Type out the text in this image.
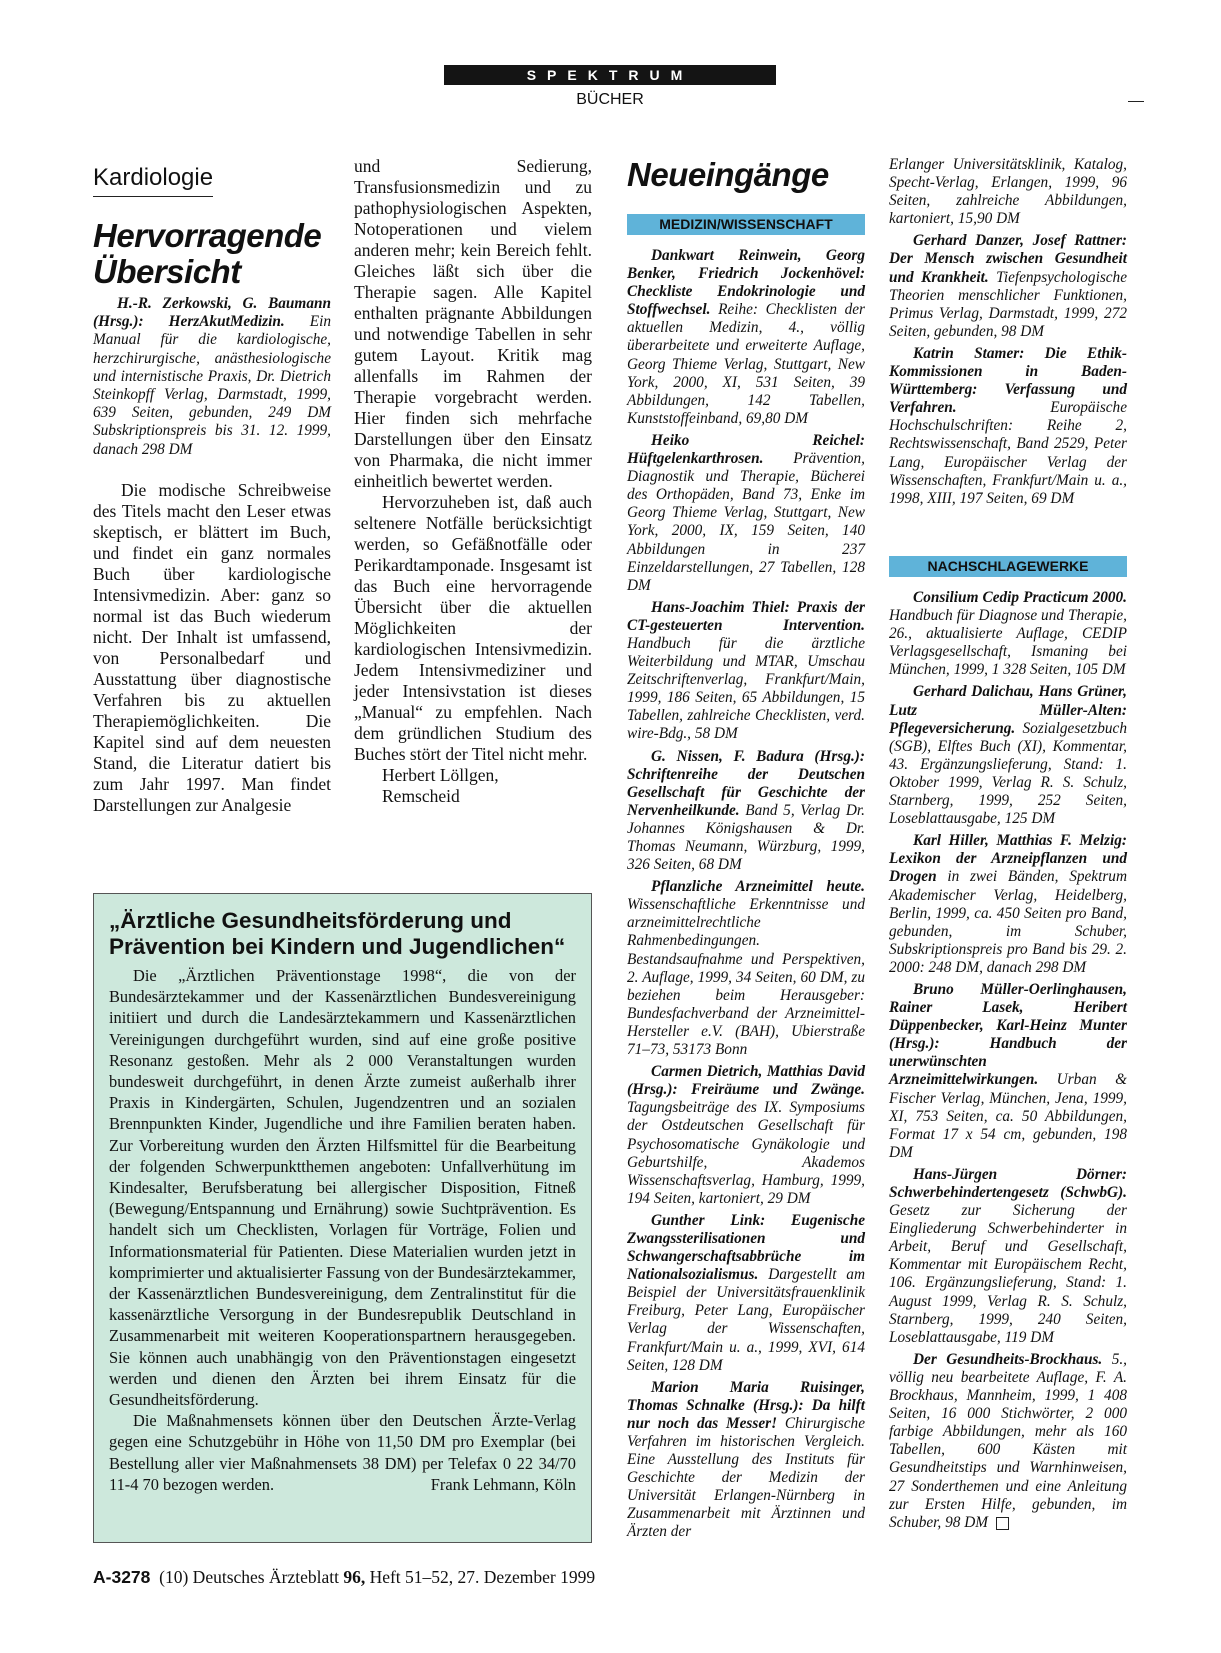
SPEKTRUM
BÜCHER
Kardiologie
Hervorragende Übersicht
H.-R. Zerkowski, G. Baumann (Hrsg.): HerzAkutMedizin. Ein Manual für die kardiologische, herzchirurgische, anästhesiologische und internistische Praxis, Dr. Dietrich Steinkopff Verlag, Darmstadt, 1999, 639 Seiten, gebunden, 249 DM Subskriptionspreis bis 31. 12. 1999, danach 298 DM

Die modische Schreibweise des Titels macht den Leser etwas skeptisch, er blättert im Buch, und findet ein ganz normales Buch über kardiologische Intensivmedizin. Aber: ganz so normal ist das Buch wiederum nicht. Der Inhalt ist umfassend, von Personalbedarf und Ausstattung über diagnostische Verfahren bis zu aktuellen Therapiemöglichkeiten. Die Kapitel sind auf dem neuesten Stand, die Literatur datiert bis zum Jahr 1997. Man findet Darstellungen zur Analgesie

und Sedierung, Transfusionsmedizin und zu pathophysiologischen Aspekten, Notoperationen und vielem anderen mehr; kein Bereich fehlt. Gleiches läßt sich über die Therapie sagen. Alle Kapitel enthalten prägnante Abbildungen und notwendige Tabellen in sehr gutem Layout. Kritik mag allenfalls im Rahmen der Therapie vorgebracht werden. Hier finden sich mehrfache Darstellungen über den Einsatz von Pharmaka, die nicht immer einheitlich bewertet werden.

Hervorzuheben ist, daß auch seltenere Notfälle berücksichtigt werden, so Gefäßnotfälle oder Perikardtamponade. Insgesamt ist das Buch eine hervorragende Übersicht über die aktuellen Möglichkeiten der kardiologischen Intensivmedizin. Jedem Intensivmediziner und jeder Intensivstation ist dieses „Manual“ zu empfehlen. Nach dem gründlichen Studium des Buches stört der Titel nicht mehr.

Herbert Löllgen,

Remscheid

„Ärztliche Gesundheitsförderung und Prävention bei Kindern und Jugendlichen“

Die „Ärztlichen Präventionstage 1998“, die von der Bundesärztekammer und der Kassenärztlichen Bundesvereinigung initiiert und durch die Landesärztekammern und Kassenärztlichen Vereinigungen durchgeführt wurden, sind auf eine große positive Resonanz gestoßen. Mehr als 2 000 Veranstaltungen wurden bundesweit durchgeführt, in denen Ärzte zumeist außerhalb ihrer Praxis in Kindergärten, Schulen, Jugendzentren und an sozialen Brennpunkten Kinder, Jugendliche und ihre Familien beraten haben. Zur Vorbereitung wurden den Ärzten Hilfsmittel für die Bearbeitung der folgenden Schwerpunktthemen angeboten: Unfallverhütung im Kindesalter, Berufsberatung bei allergischer Disposition, Fitneß (Bewegung/Entspannung und Ernährung) sowie Suchtprävention. Es handelt sich um Checklisten, Vorlagen für Vorträge, Folien und Informationsmaterial für Patienten. Diese Materialien wurden jetzt in komprimierter und aktualisierter Fassung von der Bundesärztekammer, der Kassenärztlichen Bundesvereinigung, dem Zentralinstitut für die kassenärztliche Versorgung in der Bundesrepublik Deutschland in Zusammenarbeit mit weiteren Kooperationspartnern herausgegeben. Sie können auch unabhängig von den Präventionstagen eingesetzt werden und dienen den Ärzten bei ihrem Einsatz für die Gesundheitsförderung.

Die Maßnahmensets können über den Deutschen Ärzte-Verlag gegen eine Schutzgebühr in Höhe von 11,50 DM pro Exemplar (bei Bestellung aller vier Maßnahmensets 38 DM) per Telefax 0 22 34/70 11-4 70 bezogen werden.	Frank Lehmann, Köln

Neueingänge
MEDIZIN/WISSENSCHAFT

Dankwart Reinwein, Georg Benker, Friedrich Jockenhövel: Checkliste Endokrinologie und Stoffwechsel. Reihe: Checklisten der aktuellen Medizin, 4., völlig überarbeitete und erweiterte Auflage, Georg Thieme Verlag, Stuttgart, New York, 2000, XI, 531 Seiten, 39 Abbildungen, 142 Tabellen, Kunststoffeinband, 69,80 DM

Heiko Reichel: Hüftgelenkarthrosen. Prävention, Diagnostik und Therapie, Bücherei des Orthopäden, Band 73, Enke im Georg Thieme Verlag, Stuttgart, New York, 2000, IX, 159 Seiten, 140 Abbildungen in 237 Einzeldarstellungen, 27 Tabellen, 128 DM

Hans-Joachim Thiel: Praxis der CT-gesteuerten Intervention. Handbuch für die ärztliche Weiterbildung und MTAR, Umschau Zeitschriftenverlag, Frankfurt/Main, 1999, 186 Seiten, 65 Abbildungen, 15 Tabellen, zahlreiche Checklisten, verd. wire-Bdg., 58 DM

G. Nissen, F. Badura (Hrsg.): Schriftenreihe der Deutschen Gesellschaft für Geschichte der Nervenheilkunde. Band 5, Verlag Dr. Johannes Königshausen & Dr. Thomas Neumann, Würzburg, 1999, 326 Seiten, 68 DM

Pflanzliche Arzneimittel heute. Wissenschaftliche Erkenntnisse und arzneimittelrechtliche Rahmenbedingungen. Bestandsaufnahme und Perspektiven, 2. Auflage, 1999, 34 Seiten, 60 DM, zu beziehen beim Herausgeber: Bundesfachverband der Arzneimittel-Hersteller e.V. (BAH), Ubierstraße 71–73, 53173 Bonn

Carmen Dietrich, Matthias David (Hrsg.): Freiräume und Zwänge. Tagungsbeiträge des IX. Symposiums der Ostdeutschen Gesellschaft für Psychosomatische Gynäkologie und Geburtshilfe, Akademos Wissenschaftsverlag, Hamburg, 1999, 194 Seiten, kartoniert, 29 DM

Gunther Link: Eugenische Zwangssterilisationen und Schwangerschaftsabbrüche im Nationalsozialismus. Dargestellt am Beispiel der Universitätsfrauenklinik Freiburg, Peter Lang, Europäischer Verlag der Wissenschaften, Frankfurt/Main u. a., 1999, XVI, 614 Seiten, 128 DM

Marion Maria Ruisinger, Thomas Schnalke (Hrsg.): Da hilft nur noch das Messer! Chirurgische Verfahren im historischen Vergleich. Eine Ausstellung des Instituts für Geschichte der Medizin der Universität Erlangen-Nürnberg in Zusammenarbeit mit Ärztinnen und Ärzten der

Erlanger Universitätsklinik, Katalog, Specht-Verlag, Erlangen, 1999, 96 Seiten, zahlreiche Abbildungen, kartoniert, 15,90 DM

Gerhard Danzer, Josef Rattner: Der Mensch zwischen Gesundheit und Krankheit. Tiefenpsychologische Theorien menschlicher Funktionen, Primus Verlag, Darmstadt, 1999, 272 Seiten, gebunden, 98 DM

Katrin Stamer: Die Ethik-Kommissionen in Baden-Württemberg: Verfassung und Verfahren. Europäische Hochschulschriften: Reihe 2, Rechtswissenschaft, Band 2529, Peter Lang, Europäischer Verlag der Wissenschaften, Frankfurt/Main u. a., 1998, XIII, 197 Seiten, 69 DM

NACHSCHLAGEWERKE

Consilium Cedip Practicum 2000. Handbuch für Diagnose und Therapie, 26., aktualisierte Auflage, CEDIP Verlagsgesellschaft, Ismaning bei München, 1999, 1 328 Seiten, 105 DM

Gerhard Dalichau, Hans Grüner, Lutz Müller-Alten: Pflegeversicherung. Sozialgesetzbuch (SGB), Elftes Buch (XI), Kommentar, 43. Ergänzungslieferung, Stand: 1. Oktober 1999, Verlag R. S. Schulz, Starnberg, 1999, 252 Seiten, Loseblattausgabe, 125 DM

Karl Hiller, Matthias F. Melzig: Lexikon der Arzneipflanzen und Drogen in zwei Bänden, Spektrum Akademischer Verlag, Heidelberg, Berlin, 1999, ca. 450 Seiten pro Band, gebunden, im Schuber, Subskriptionspreis pro Band bis 29. 2. 2000: 248 DM, danach 298 DM

Bruno Müller-Oerlinghausen, Rainer Lasek, Heribert Düppenbecker, Karl-Heinz Munter (Hrsg.): Handbuch der unerwünschten Arzneimittelwirkungen. Urban & Fischer Verlag, München, Jena, 1999, XI, 753 Seiten, ca. 50 Abbildungen, Format 17 x 54 cm, gebunden, 198 DM

Hans-Jürgen Dörner: Schwerbehindertengesetz (SchwbG). Gesetz zur Sicherung der Eingliederung Schwerbehinderter in Arbeit, Beruf und Gesellschaft, Kommentar mit Europäischem Recht, 106. Ergänzungslieferung, Stand: 1. August 1999, Verlag R. S. Schulz, Starnberg, 1999, 240 Seiten, Loseblattausgabe, 119 DM

Der Gesundheits-Brockhaus. 5., völlig neu bearbeitete Auflage, F. A. Brockhaus, Mannheim, 1999, 1 408 Seiten, 16 000 Stichwörter, 2 000 farbige Abbildungen, mehr als 160 Tabellen, 600 Kästen mit Gesundheitstips und Warnhinweisen, 27 Sonderthemen und eine Anleitung zur Ersten Hilfe, gebunden, im Schuber, 98 DM

A-3278 (10) Deutsches Ärzteblatt 96, Heft 51–52, 27. Dezember 1999
